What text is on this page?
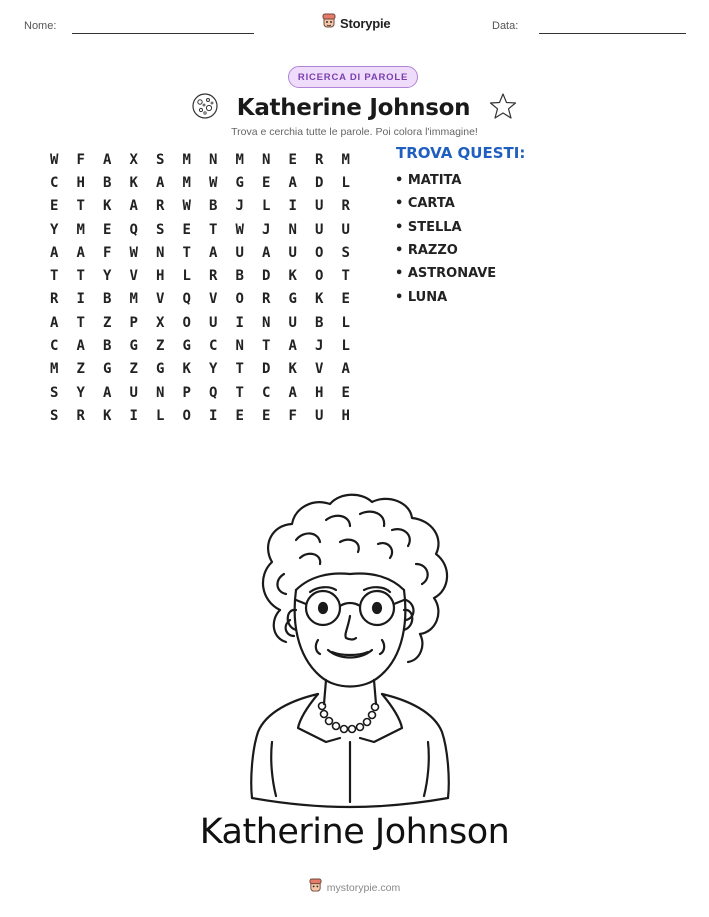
Nome:	Storypie	Data:
RICERCA DI PAROLE
Katherine Johnson
Trova e cerchia tutte le parole. Poi colora l'immagine!
W	F	A	X	S	M	N	M	N	E	R	M
C	H	B	K	A	M	W	G	E	A	D	L
E	T	K	A	R	W	B	J	L	I	U	R
Y	M	E	Q	S	E	T	W	J	N	U	U
A	A	F	W	N	T	A	U	A	U	O	S
T	T	Y	V	H	L	R	B	D	K	O	T
R	I	B	M	V	Q	V	O	R	G	K	E
A	T	Z	P	X	O	U	I	N	U	B	L
C	A	B	G	Z	G	C	N	T	A	J	L
M	Z	G	Z	G	K	Y	T	D	K	V	A
S	Y	A	U	N	P	Q	T	C	A	H	E
S	R	K	I	L	O	I	E	E	F	U	H
TROVA QUESTI:
• MATITA
• CARTA
• STELLA
• RAZZO
• ASTRONAVE
• LUNA
Katherine Johnson
mystorypie.com
